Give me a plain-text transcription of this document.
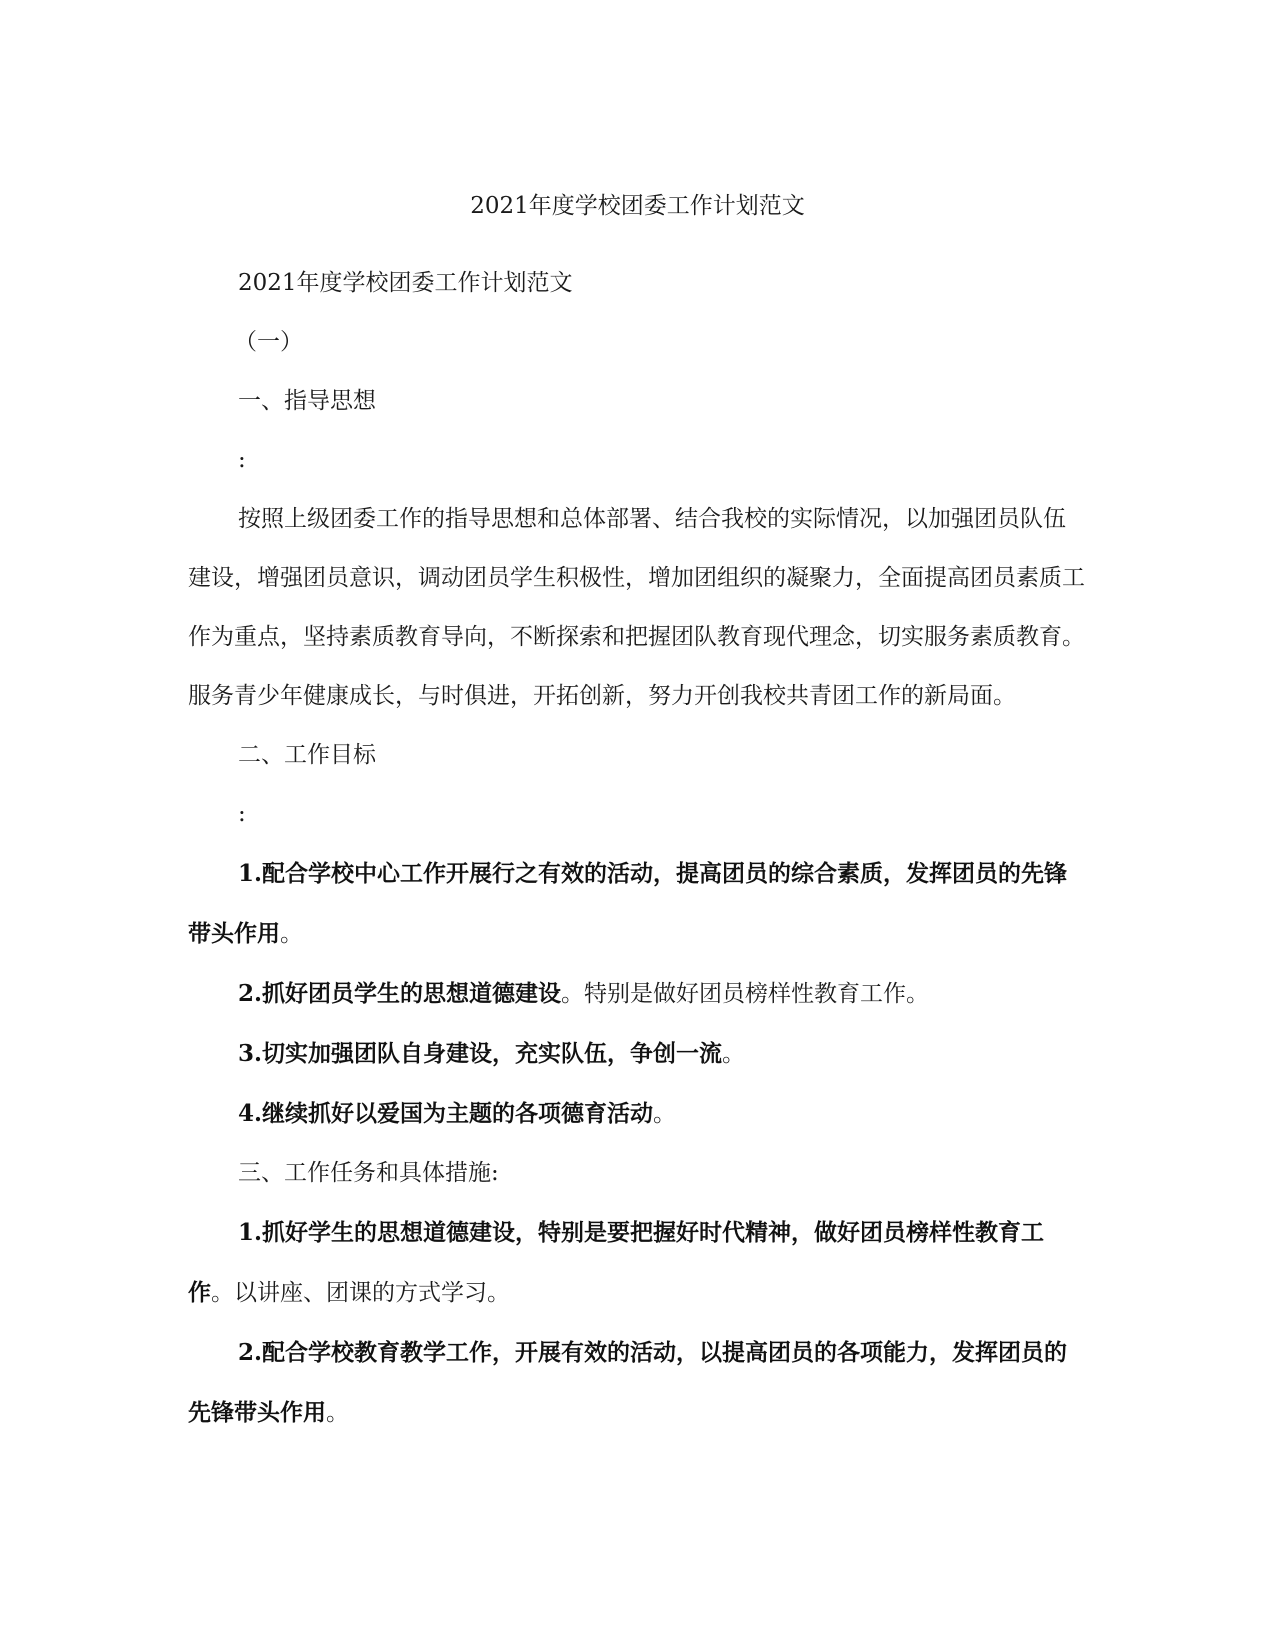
2021年度学校团委工作计划范文

2021年度学校团委工作计划范文

（一）

一、指导思想

:

按照上级团委工作的指导思想和总体部署、结合我校的实际情况，以加强团员队伍建设，增强团员意识，调动团员学生积极性，增加团组织的凝聚力，全面提高团员素质工作为重点，坚持素质教育导向，不断探索和把握团队教育现代理念，切实服务素质教育。服务青少年健康成长，与时俱进，开拓创新，努力开创我校共青团工作的新局面。

二、工作目标

:

1.配合学校中心工作开展行之有效的活动，提高团员的综合素质，发挥团员的先锋带头作用。

2.抓好团员学生的思想道德建设。特别是做好团员榜样性教育工作。

3.切实加强团队自身建设，充实队伍，争创一流。

4.继续抓好以爱国为主题的各项德育活动。

三、工作任务和具体措施:

1.抓好学生的思想道德建设，特别是要把握好时代精神，做好团员榜样性教育工作。以讲座、团课的方式学习。

2.配合学校教育教学工作，开展有效的活动，以提高团员的各项能力，发挥团员的先锋带头作用。
